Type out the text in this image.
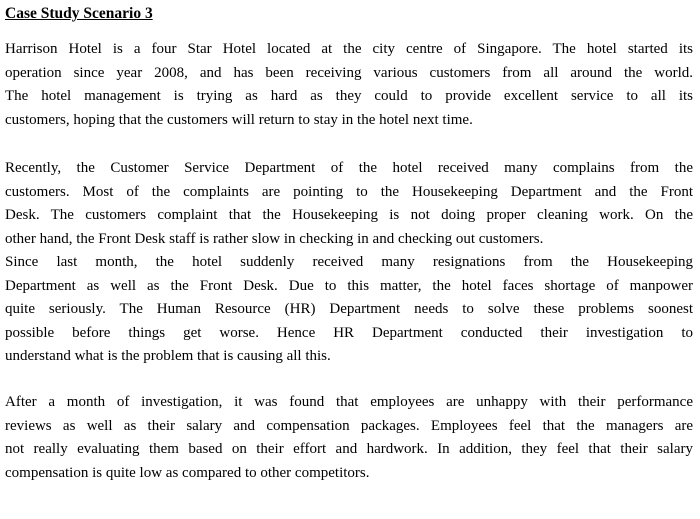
Case Study Scenario 3

Harrison Hotel is a four Star Hotel located at the city centre of Singapore. The hotel started its
operation since year 2008, and has been receiving various customers from all around the world.
The hotel management is trying as hard as they could to provide excellent service to all its
customers, hoping that the customers will return to stay in the hotel next time.

Recently, the Customer Service Department of the hotel received many complains from the
customers. Most of the complaints are pointing to the Housekeeping Department and the Front
Desk. The customers complaint that the Housekeeping is not doing proper cleaning work. On the
other hand, the Front Desk staff is rather slow in checking in and checking out customers.

Since last month, the hotel suddenly received many resignations from the Housekeeping
Department as well as the Front Desk. Due to this matter, the hotel faces shortage of manpower
quite seriously. The Human Resource (HR) Department needs to solve these problems soonest
possible before things get worse. Hence HR Department conducted their investigation to
understand what is the problem that is causing all this.

After a month of investigation, it was found that employees are unhappy with their performance
reviews as well as their salary and compensation packages. Employees feel that the managers are
not really evaluating them based on their effort and hardwork. In addition, they feel that their salary
compensation is quite low as compared to other competitors.
